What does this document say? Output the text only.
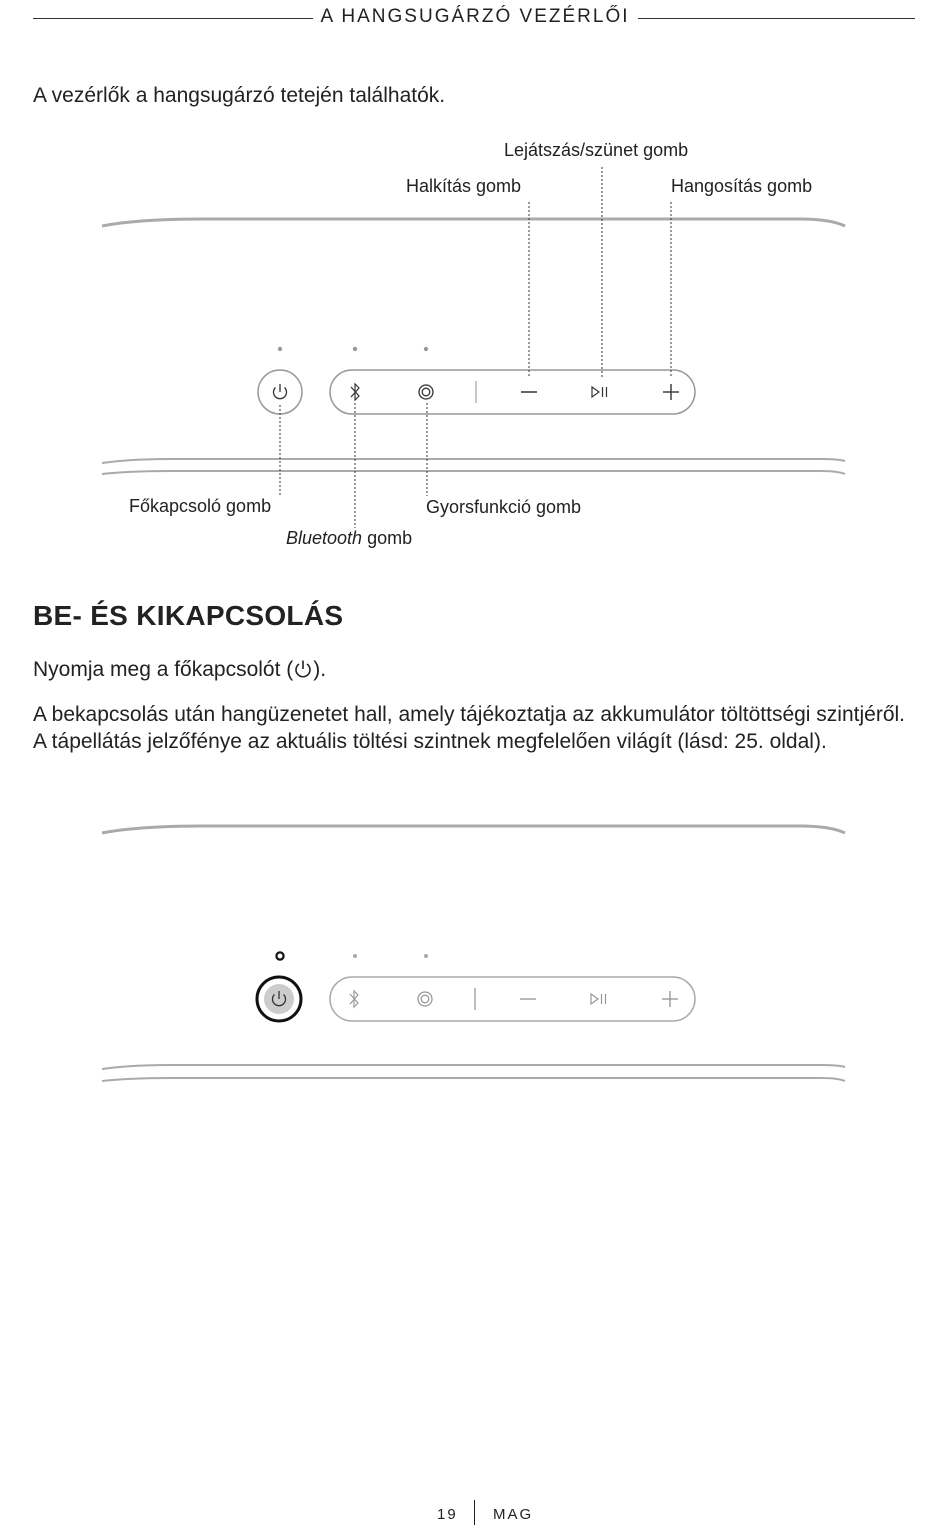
A HANGSUGÁRZÓ VEZÉRLŐI
A vezérlők a hangsugárzó tetején találhatók.
Lejátszás/szünet gomb
Halkítás gomb	Hangosítás gomb
Főkapcsoló gomb	Gyorsfunkció gomb
Bluetooth gomb
BE- ÉS KIKAPCSOLÁS
Nyomja meg a főkapcsolót ( ).
A bekapcsolás után hangüzenetet hall, amely tájékoztatja az akkumulátor töltöttségi szintjéről. A tápellátás jelzőfénye az aktuális töltési szintnek megfelelően világít (lásd: 25. oldal).
19 MAG
